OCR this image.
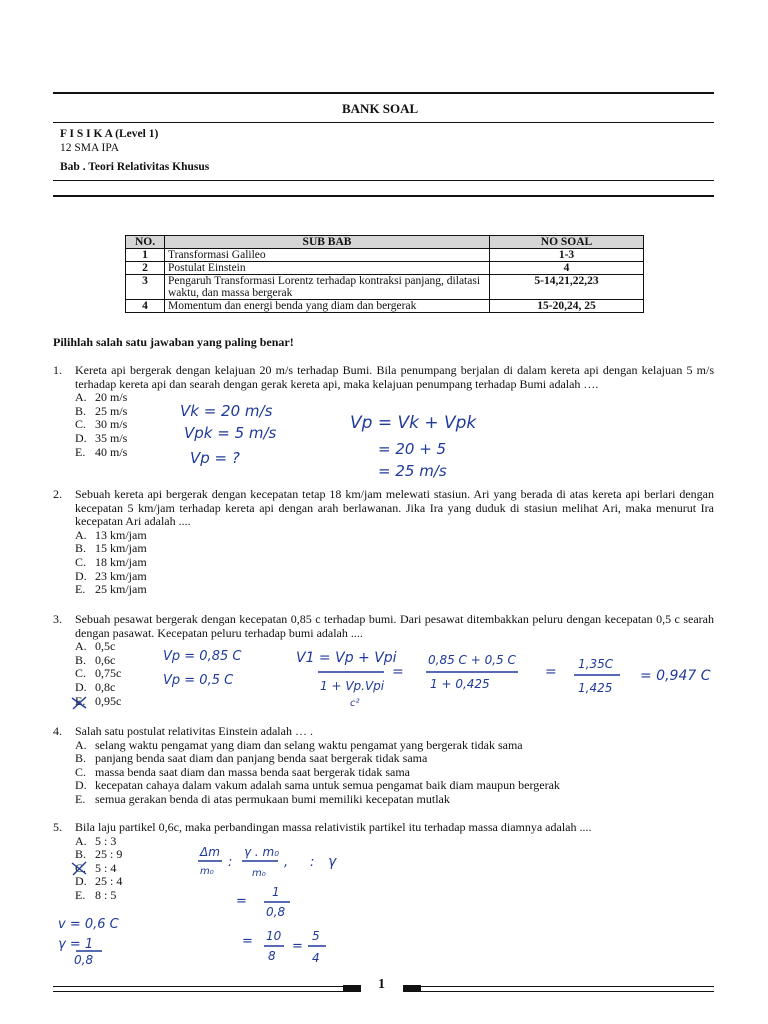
BANK SOAL
F I S I K A (Level 1)
12 SMA IPA
Bab . Teori Relativitas Khusus
NO.	SUB BAB	NO SOAL
1	Transformasi Galileo	1-3
2	Postulat Einstein	4
3	Pengaruh Transformasi Lorentz terhadap kontraksi panjang, dilatasi waktu, dan massa bergerak	5-14,21,22,23
4	Momentum dan energi benda yang diam dan bergerak	15-20,24, 25
Pilihlah salah satu jawaban yang paling benar!
1. Kereta api bergerak dengan kelajuan 20 m/s terhadap Bumi. Bila penumpang berjalan di dalam kereta api dengan kelajuan 5 m/s terhadap kereta api dan searah dengan gerak kereta api, maka kelajuan penumpang terhadap Bumi adalah ….
A. 20 m/s
B. 25 m/s
C. 30 m/s
D. 35 m/s
E. 40 m/s
2. Sebuah kereta api bergerak dengan kecepatan tetap 18 km/jam melewati stasiun. Ari yang berada di atas kereta api berlari dengan kecepatan 5 km/jam terhadap kereta api dengan arah berlawanan. Jika Ira yang duduk di stasiun melihat Ari, maka menurut Ira kecepatan Ari adalah ....
A. 13 km/jam
B. 15 km/jam
C. 18 km/jam
D. 23 km/jam
E. 25 km/jam
3. Sebuah pesawat bergerak dengan kecepatan 0,85 c terhadap bumi. Dari pesawat ditembakkan peluru dengan kecepatan 0,5 c searah dengan pasawat. Kecepatan peluru terhadap bumi adalah ....
A. 0,5c
B. 0,6c
C. 0,75c
D. 0,8c
E. 0,95c
4. Salah satu postulat relativitas Einstein adalah … .
A. selang waktu pengamat yang diam dan selang waktu pengamat yang bergerak tidak sama
B. panjang benda saat diam dan panjang benda saat bergerak tidak sama
C. massa benda saat diam dan massa benda saat bergerak tidak sama
D. kecepatan cahaya dalam vakum adalah sama untuk semua pengamat baik diam maupun bergerak
E. semua gerakan benda di atas permukaan bumi memiliki kecepatan mutlak
5. Bila laju partikel 0,6c, maka perbandingan massa relativistik partikel itu terhadap massa diamnya adalah ....
A. 5 : 3
B. 25 : 9
C. 5 : 4
D. 25 : 4
E. 8 : 5
Vk = 20 m/s
Vpk = 5 m/s
Vp = ?
Vp = Vk + Vpk
= 20 + 5
= 25 m/s
Vp = 0,85 C
Vp = 0,5 C
V1 = Vp + Vpi
1 + Vp.Vpi
c²
=
0,85 C + 0,5 C
1 + 0,425
= 1,35C
1,425
= 0,947 C
Δm
m₀
:
γ . m₀
m₀
, : γ
=
1
0,8
= 10
8
=
5
4
v = 0,6 C
γ = 1
0,8
1
